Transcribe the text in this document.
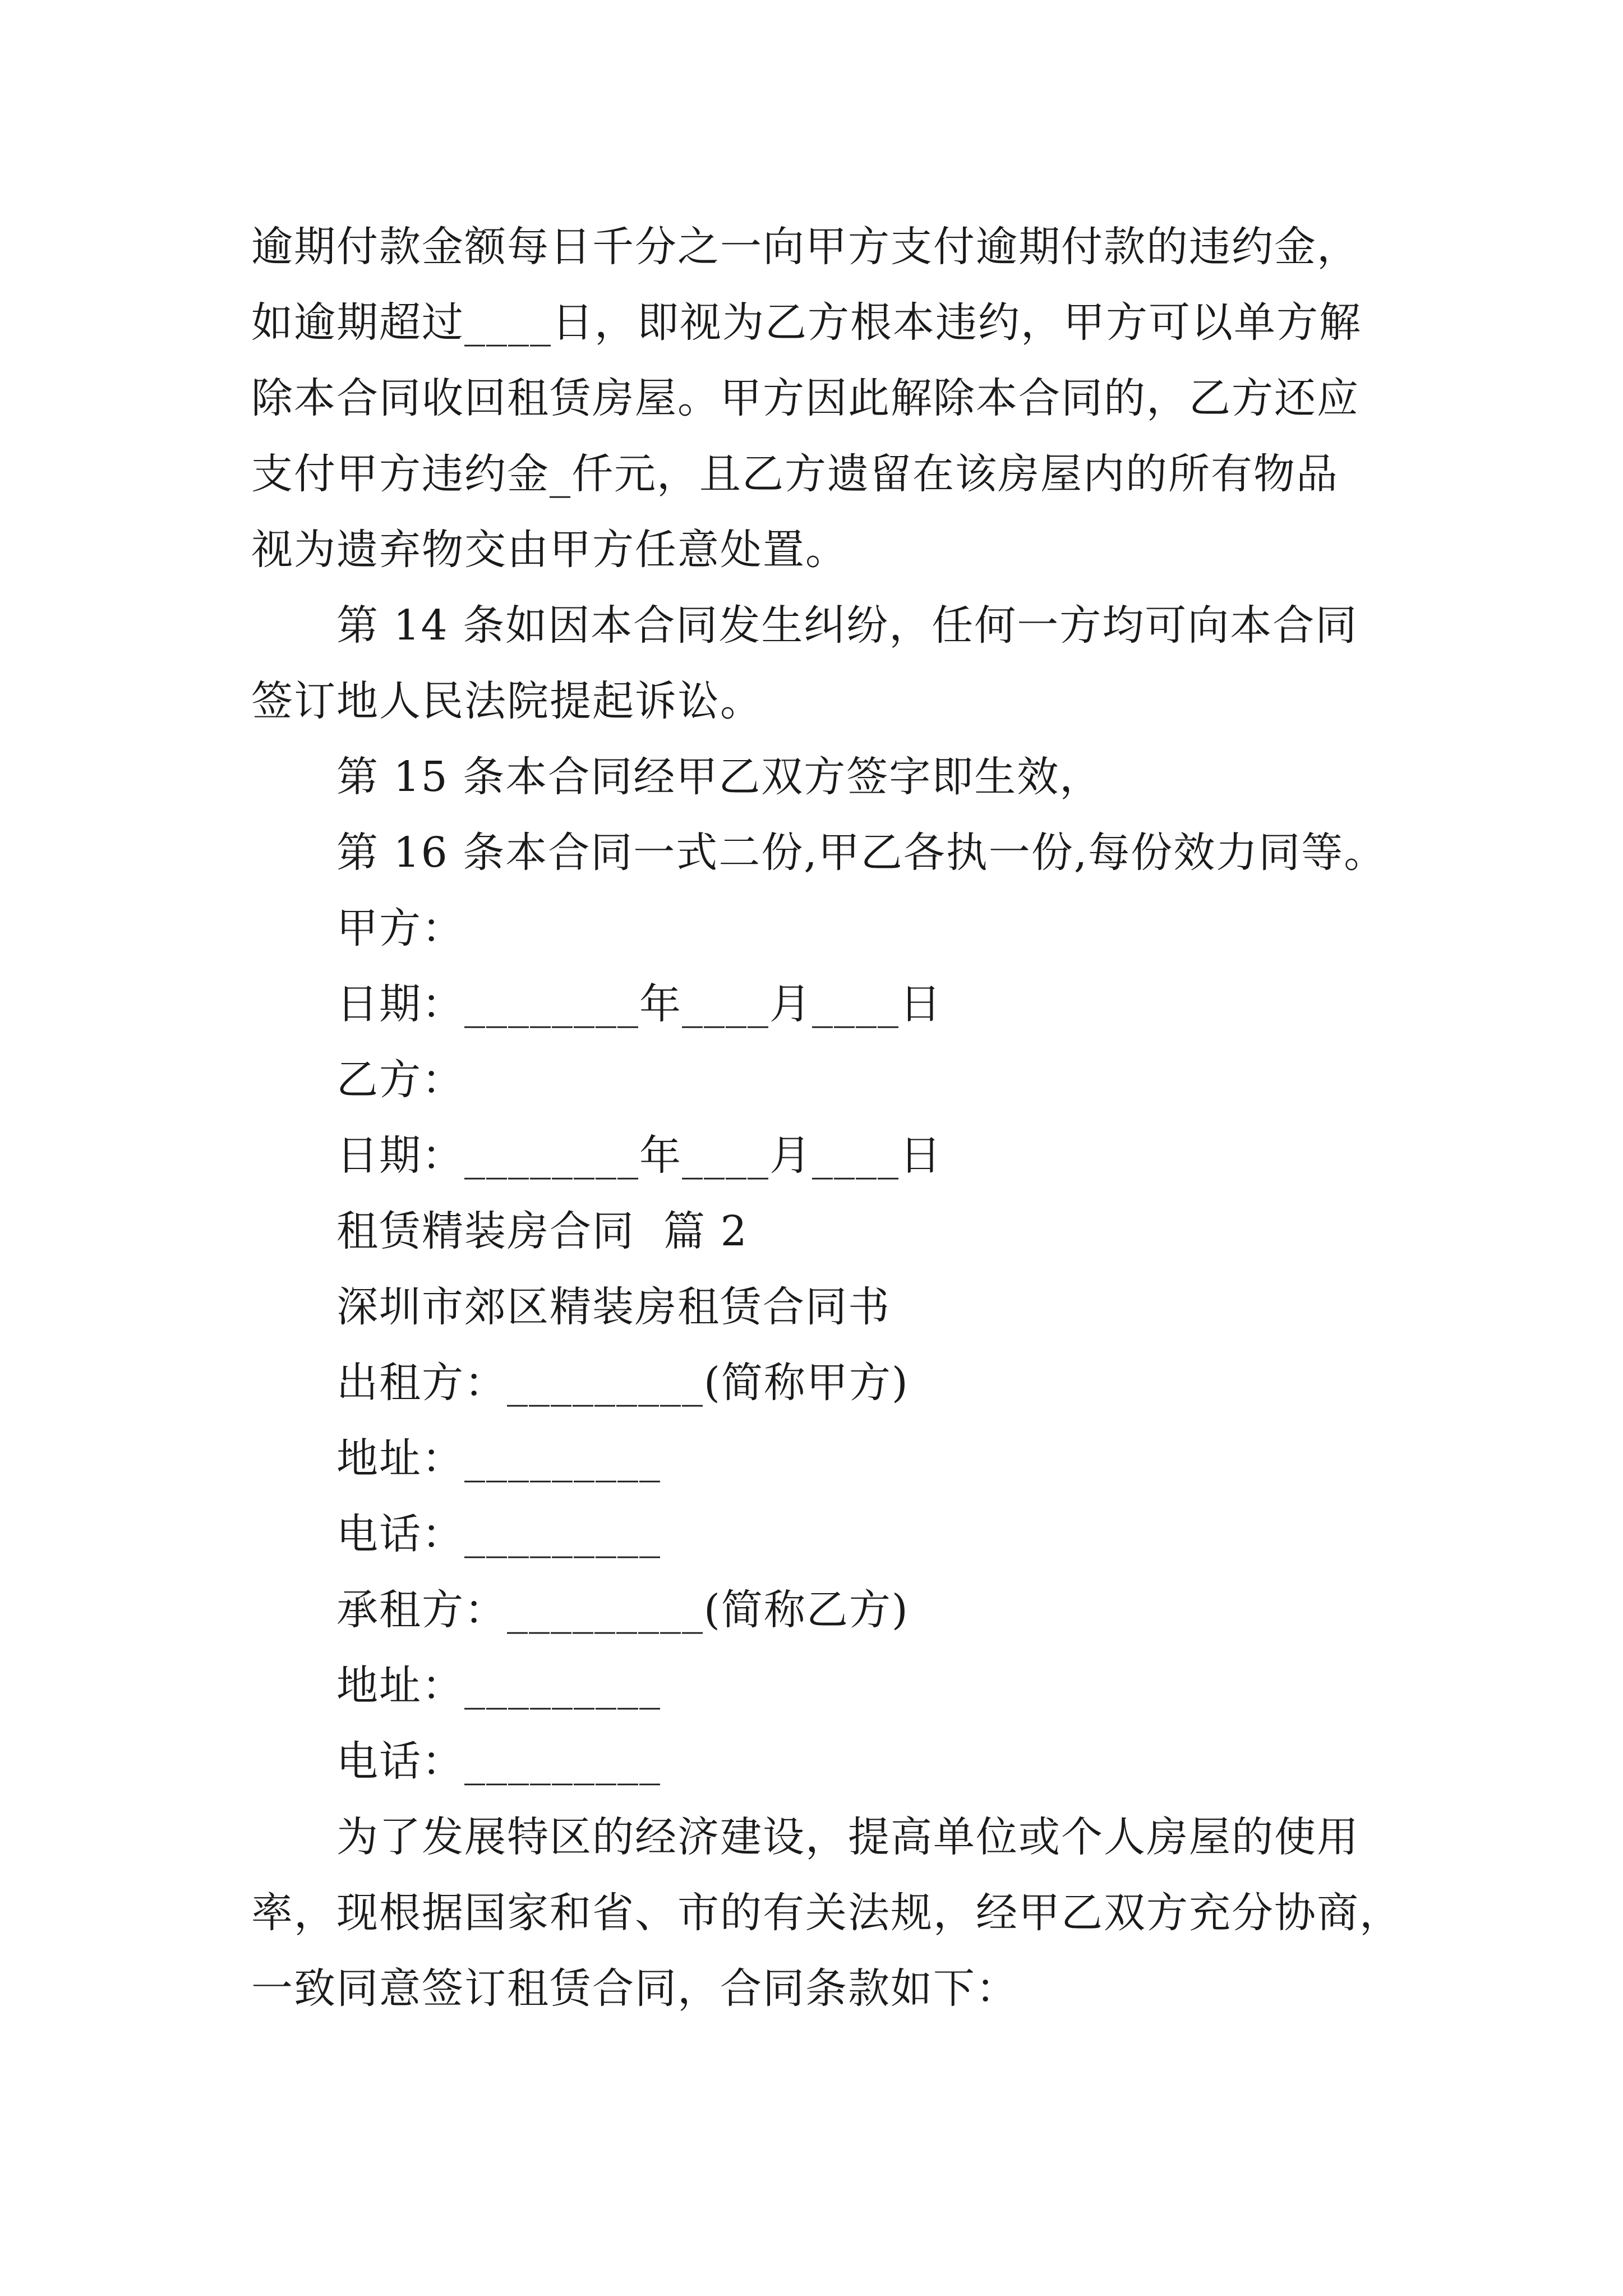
逾期付款金额每日千分之一向甲方支付逾期付款的违约金，
如逾期超过____日，即视为乙方根本违约，甲方可以单方解
除本合同收回租赁房屋。甲方因此解除本合同的，乙方还应
支付甲方违约金_仟元，且乙方遗留在该房屋内的所有物品
视为遗弃物交由甲方任意处置。
第 14 条如因本合同发生纠纷，任何一方均可向本合同
签订地人民法院提起诉讼。
第 15 条本合同经甲乙双方签字即生效，
第 16 条本合同一式二份,甲乙各执一份,每份效力同等。
甲方：
日期：________年____月____日
乙方：
日期：________年____月____日
租赁精装房合同  篇 2
深圳市郊区精装房租赁合同书
出租方：_________(简称甲方)
地址：_________
电话：_________
承租方：_________(简称乙方)
地址：_________
电话：_________
为了发展特区的经济建设，提高单位或个人房屋的使用
率，现根据国家和省、市的有关法规，经甲乙双方充分协商，
一致同意签订租赁合同，合同条款如下：
